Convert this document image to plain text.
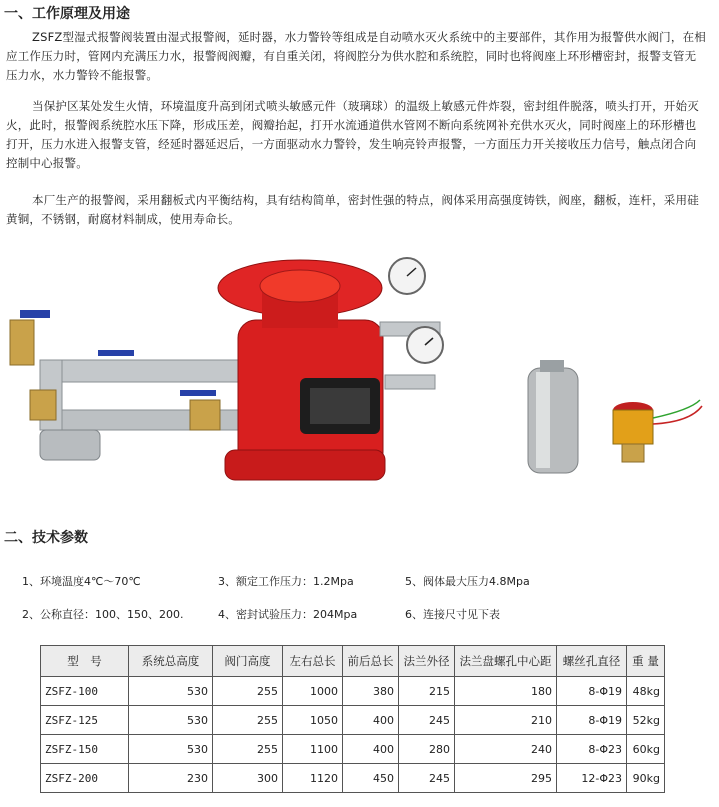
一、工作原理及用途
ZSFZ型湿式报警阀装置由湿式报警阀，延时器，水力警铃等组成是自动喷水灭火系统中的主要部件，其作用为报警供水阀门，在相应工作压力时，管网内充满压力水，报警阀阀瓣，有自重关闭，将阀腔分为供水腔和系统腔，同时也将阀座上环形槽密封，报警支管无压力水，水力警铃不能报警。
当保护区某处发生火情，环境温度升高到闭式喷头敏感元件（玻璃球）的温级上敏感元件炸裂，密封组件脱落，喷头打开，开始灭火，此时，报警阀系统腔水压下降，形成压差，阀瓣抬起，打开水流通道供水管网不断向系统网补充供水灭火，同时阀座上的环形槽也打开，压力水进入报警支管，经延时器延迟后，一方面驱动水力警铃，发生响亮铃声报警，一方面压力开关接收压力信号，触点闭合向控制中心报警。
本厂生产的报警阀，采用翻板式内平衡结构，具有结构简单，密封性强的特点，阀体采用高强度铸铁，阀座，翻板，连杆，采用硅黄铜，不锈钢，耐腐材料制成，使用寿命长。
二、技术参数
1、环境温度4℃～70℃	3、额定工作压力：1.2Mpa	5、阀体最大压力4.8Mpa
2、公称直径：100、150、200.	4、密封试验压力：204Mpa	6、连接尺寸见下表
型　号	系统总高度	阀门高度	左右总长	前后总长	法兰外径	法兰盘螺孔中心距	螺丝孔直径	重 量
ZSFZ-100	530	255	1000	380	215	180	8-Φ19	48kg
ZSFZ-125	530	255	1050	400	245	210	8-Φ19	52kg
ZSFZ-150	530	255	1100	400	280	240	8-Φ23	60kg
ZSFZ-200	230	300	1120	450	245	295	12-Φ23	90kg
